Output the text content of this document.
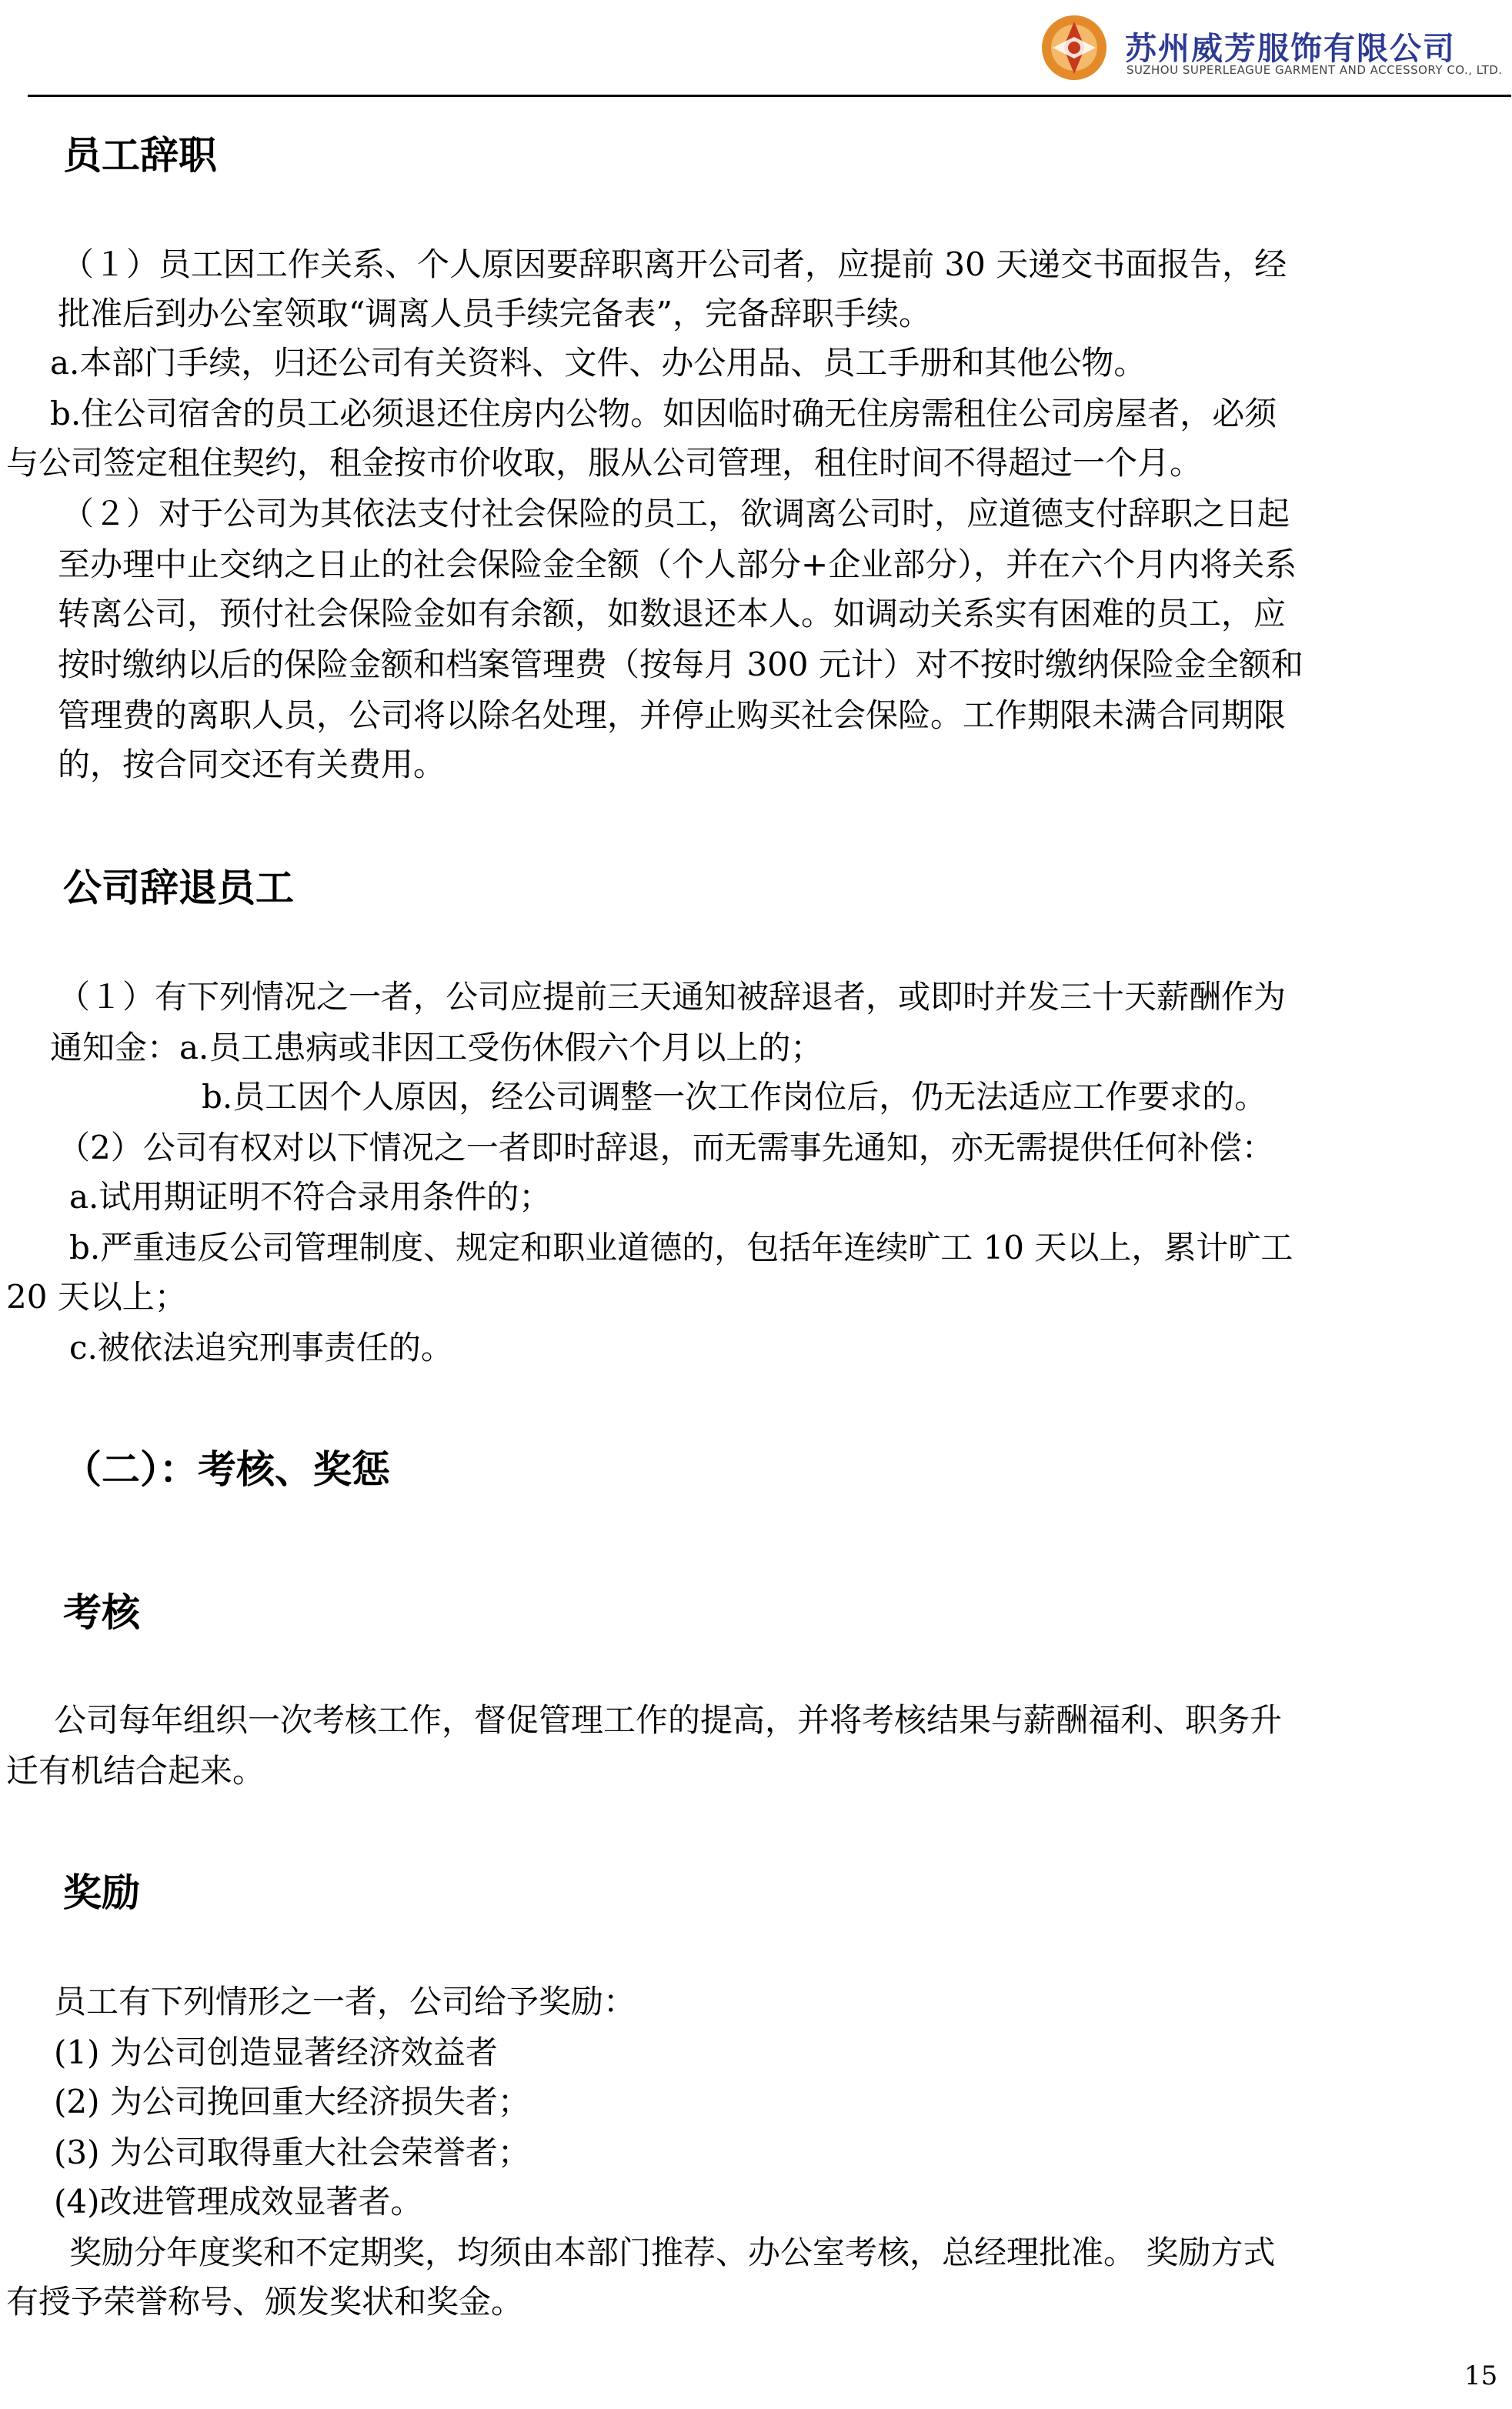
苏州威芳服饰有限公司
SUZHOU SUPERLEAGUE GARMENT AND ACCESSORY CO., LTD.
员工辞职
（１）员工因工作关系、个人原因要辞职离开公司者，应提前 30 天递交书面报告，经
批准后到办公室领取“调离人员手续完备表”，完备辞职手续。
a.本部门手续，归还公司有关资料、文件、办公用品、员工手册和其他公物。
b.住公司宿舍的员工必须退还住房内公物。如因临时确无住房需租住公司房屋者，必须
与公司签定租住契约，租金按市价收取，服从公司管理，租住时间不得超过一个月。
（２）对于公司为其依法支付社会保险的员工，欲调离公司时，应道德支付辞职之日起
至办理中止交纳之日止的社会保险金全额（个人部分+企业部分），并在六个月内将关系
转离公司，预付社会保险金如有余额，如数退还本人。如调动关系实有困难的员工，应
按时缴纳以后的保险金额和档案管理费（按每月 300 元计）对不按时缴纳保险金全额和
管理费的离职人员，公司将以除名处理，并停止购买社会保险。工作期限未满合同期限
的，按合同交还有关费用。
公司辞退员工
（１）有下列情况之一者，公司应提前三天通知被辞退者，或即时并发三十天薪酬作为
通知金：a.员工患病或非因工受伤休假六个月以上的；
b.员工因个人原因，经公司调整一次工作岗位后，仍无法适应工作要求的。
（2）公司有权对以下情况之一者即时辞退，而无需事先通知，亦无需提供任何补偿：
a.试用期证明不符合录用条件的；
b.严重违反公司管理制度、规定和职业道德的，包括年连续旷工 10 天以上，累计旷工
20 天以上；
c.被依法追究刑事责任的。
（二）：考核、奖惩
考核
公司每年组织一次考核工作，督促管理工作的提高，并将考核结果与薪酬福利、职务升
迁有机结合起来。
奖励
员工有下列情形之一者，公司给予奖励：
(1) 为公司创造显著经济效益者
(2) 为公司挽回重大经济损失者；
(3) 为公司取得重大社会荣誉者；
(4)改进管理成效显著者。
奖励分年度奖和不定期奖，均须由本部门推荐、办公室考核，总经理批准。 奖励方式
有授予荣誉称号、颁发奖状和奖金。
15
